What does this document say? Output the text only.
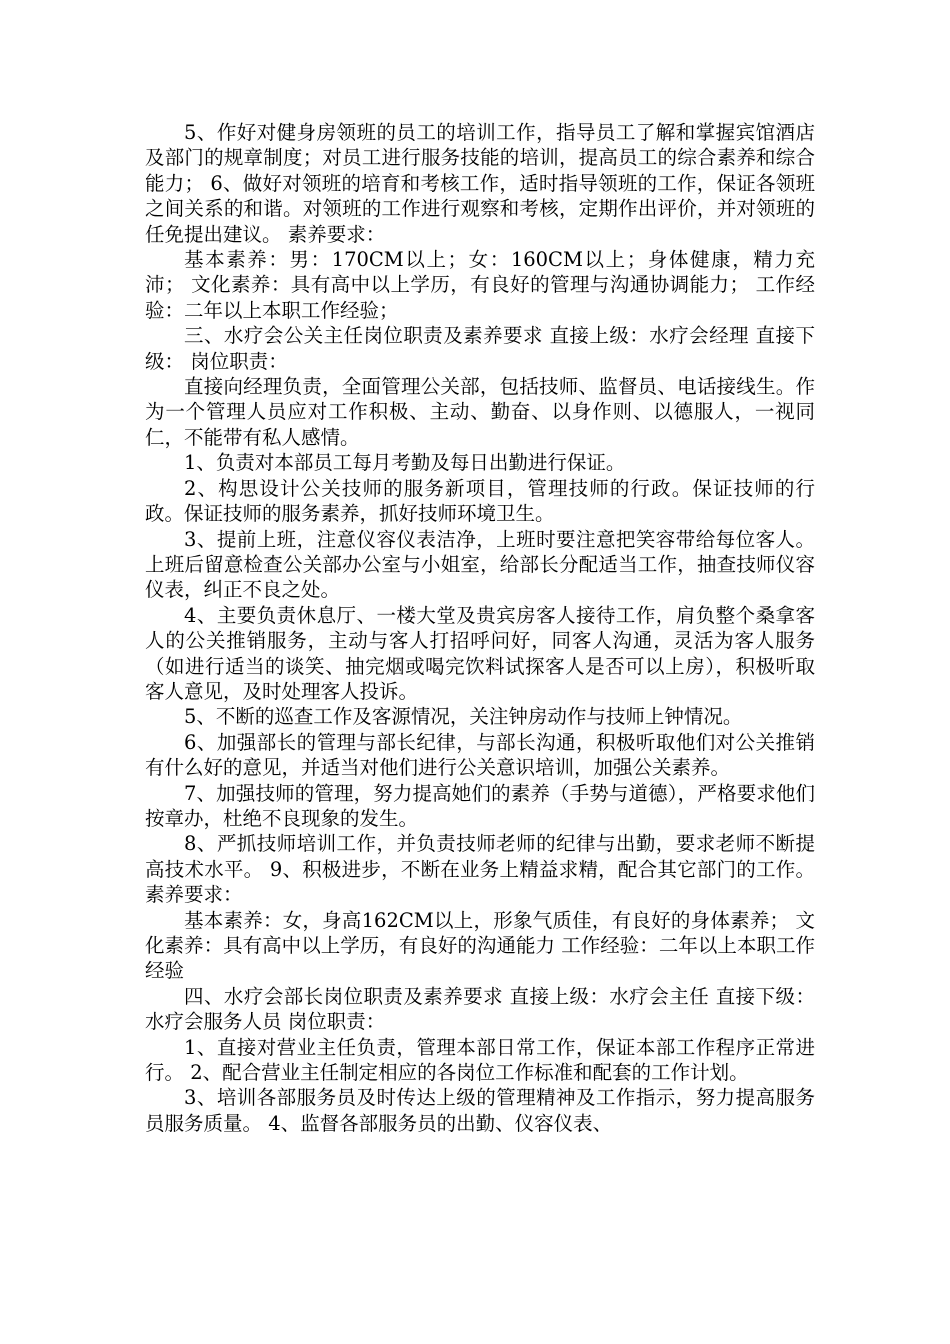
5、作好对健身房领班的员工的培训工作，指导员工了解和掌握宾馆酒店及部门的规章制度；对员工进行服务技能的培训，提高员工的综合素养和综合能力； 6、做好对领班的培育和考核工作，适时指导领班的工作，保证各领班之间关系的和谐。对领班的工作进行观察和考核，定期作出评价，并对领班的任免提出建议。 素养要求：

基本素养：男：170CM以上；女：160CM以上；身体健康，精力充沛； 文化素养：具有高中以上学历，有良好的管理与沟通协调能力； 工作经验：二年以上本职工作经验；

三、水疗会公关主任岗位职责及素养要求 直接上级：水疗会经理 直接下级： 岗位职责：

直接向经理负责，全面管理公关部，包括技师、监督员、电话接线生。作为一个管理人员应对工作积极、主动、勤奋、以身作则、以德服人，一视同仁，不能带有私人感情。

1、负责对本部员工每月考勤及每日出勤进行保证。

2、构思设计公关技师的服务新项目，管理技师的行政。保证技师的行政。保证技师的服务素养，抓好技师环境卫生。

3、提前上班，注意仪容仪表洁净，上班时要注意把笑容带给每位客人。上班后留意检查公关部办公室与小姐室，给部长分配适当工作，抽查技师仪容仪表，纠正不良之处。

4、主要负责休息厅、一楼大堂及贵宾房客人接待工作，肩负整个桑拿客人的公关推销服务，主动与客人打招呼问好，同客人沟通，灵活为客人服务（如进行适当的谈笑、抽完烟或喝完饮料试探客人是否可以上房），积极听取客人意见，及时处理客人投诉。

5、不断的巡查工作及客源情况，关注钟房动作与技师上钟情况。

6、加强部长的管理与部长纪律，与部长沟通，积极听取他们对公关推销有什么好的意见，并适当对他们进行公关意识培训，加强公关素养。

7、加强技师的管理，努力提高她们的素养（手势与道德），严格要求他们按章办，杜绝不良现象的发生。

8、严抓技师培训工作，并负责技师老师的纪律与出勤，要求老师不断提高技术水平。 9、积极进步，不断在业务上精益求精，配合其它部门的工作。 素养要求：

基本素养：女，身高162CM以上，形象气质佳，有良好的身体素养； 文化素养：具有高中以上学历，有良好的沟通能力 工作经验：二年以上本职工作经验

四、水疗会部长岗位职责及素养要求 直接上级：水疗会主任 直接下级：水疗会服务人员 岗位职责：

1、直接对营业主任负责，管理本部日常工作，保证本部工作程序正常进行。 2、配合营业主任制定相应的各岗位工作标准和配套的工作计划。

3、培训各部服务员及时传达上级的管理精神及工作指示，努力提高服务员服务质量。 4、监督各部服务员的出勤、仪容仪表、
